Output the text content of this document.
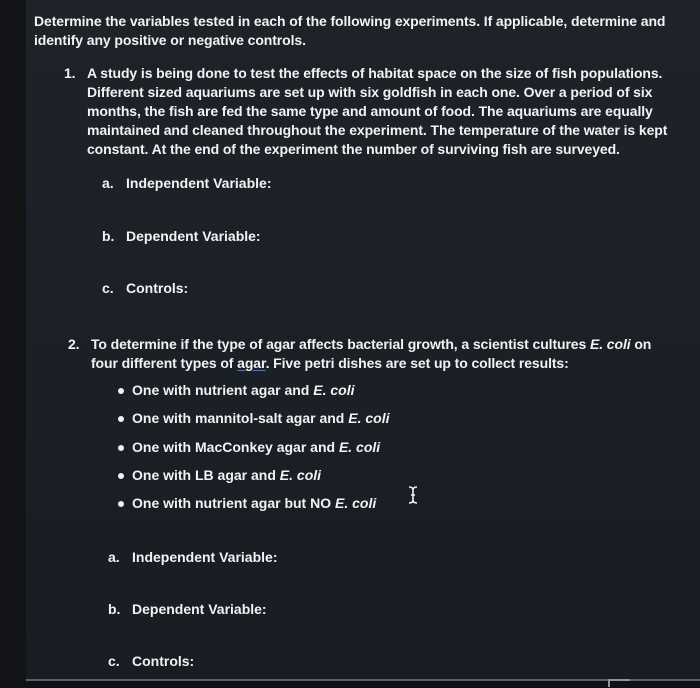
Determine the variables tested in each of the following experiments. If applicable, determine and
identify any positive or negative controls.
1. A study is being done to test the effects of habitat space on the size of fish populations.
Different sized aquariums are set up with six goldfish in each one. Over a period of six
months, the fish are fed the same type and amount of food. The aquariums are equally
maintained and cleaned throughout the experiment. The temperature of the water is kept
constant. At the end of the experiment the number of surviving fish are surveyed.
a. Independent Variable:
b. Dependent Variable:
c. Controls:
2. To determine if the type of agar affects bacterial growth, a scientist cultures E. coli on
four different types of agar. Five petri dishes are set up to collect results:
One with nutrient agar and E. coli
One with mannitol-salt agar and E. coli
One with MacConkey agar and E. coli
One with LB agar and E. coli
One with nutrient agar but NO E. coli
a. Independent Variable:
b. Dependent Variable:
c. Controls:
